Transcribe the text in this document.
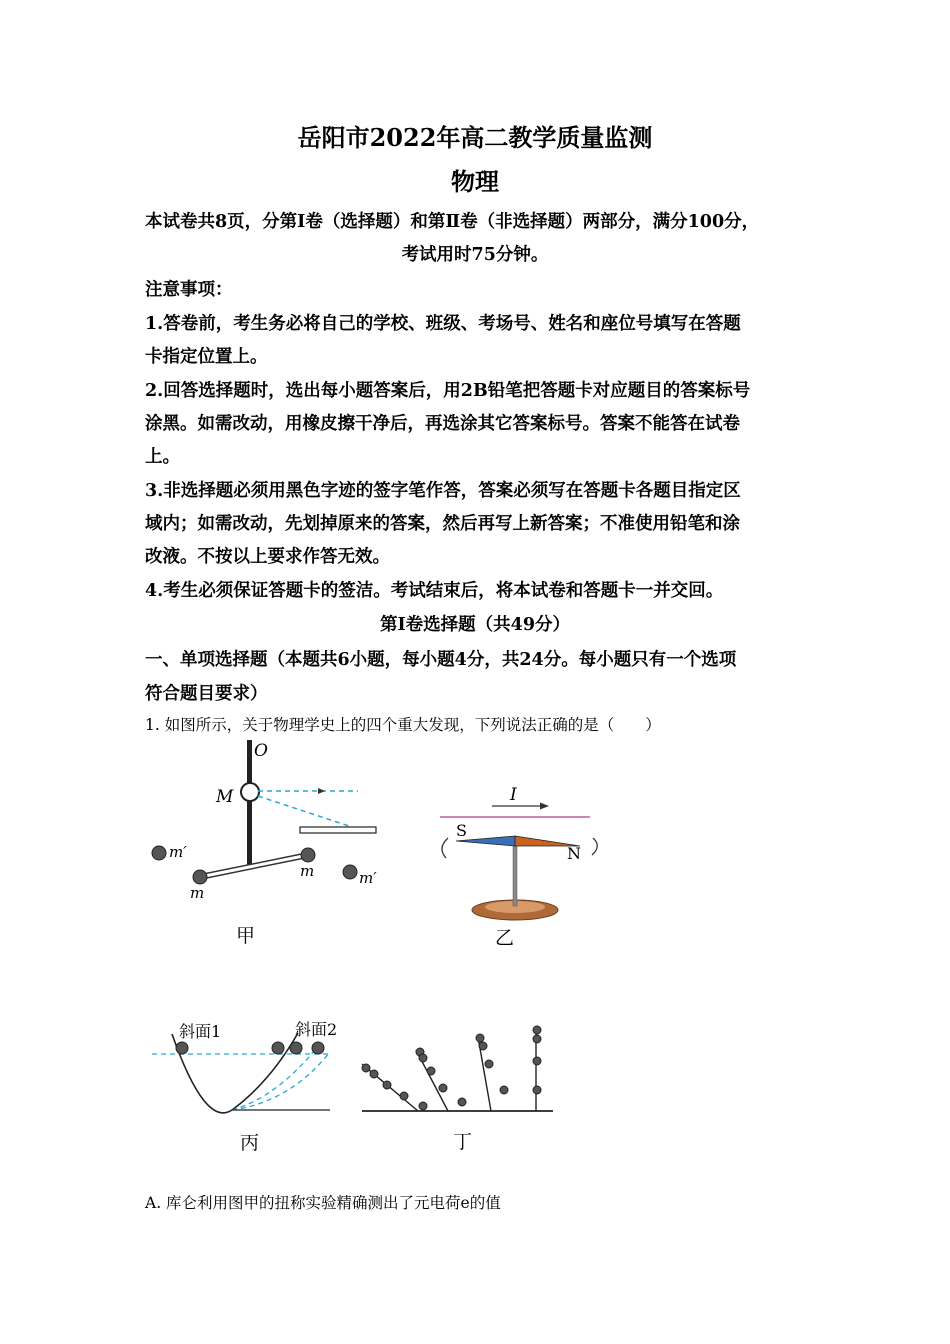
岳阳市2022年高二教学质量监测
物理
本试卷共8页，分第I卷（选择题）和第Ⅱ卷（非选择题）两部分，满分100分，
考试用时75分钟。
注意事项：
1.答卷前，考生务必将自己的学校、班级、考场号、姓名和座位号填写在答题
卡指定位置上。
2.回答选择题时，选出每小题答案后，用2B铅笔把答题卡对应题目的答案标号
涂黑。如需改动，用橡皮擦干净后，再选涂其它答案标号。答案不能答在试卷
上。
3.非选择题必须用黑色字迹的签字笔作答，答案必须写在答题卡各题目指定区
域内；如需改动，先划掉原来的答案，然后再写上新答案；不准使用铅笔和涂
改液。不按以上要求作答无效。
4.考生必须保证答题卡的签洁。考试结束后，将本试卷和答题卡一并交回。
第I卷选择题（共49分）
一、单项选择题（本题共6小题，每小题4分，共24分。每小题只有一个选项
符合题目要求）
1. 如图所示，关于物理学史上的四个重大发现，下列说法正确的是（　　）
O
M
m
m
m′
m′
甲
I
S
N
乙
斜面1	斜面2
丙	丁
A. 库仑利用图甲的扭称实验精确测出了元电荷e的值
